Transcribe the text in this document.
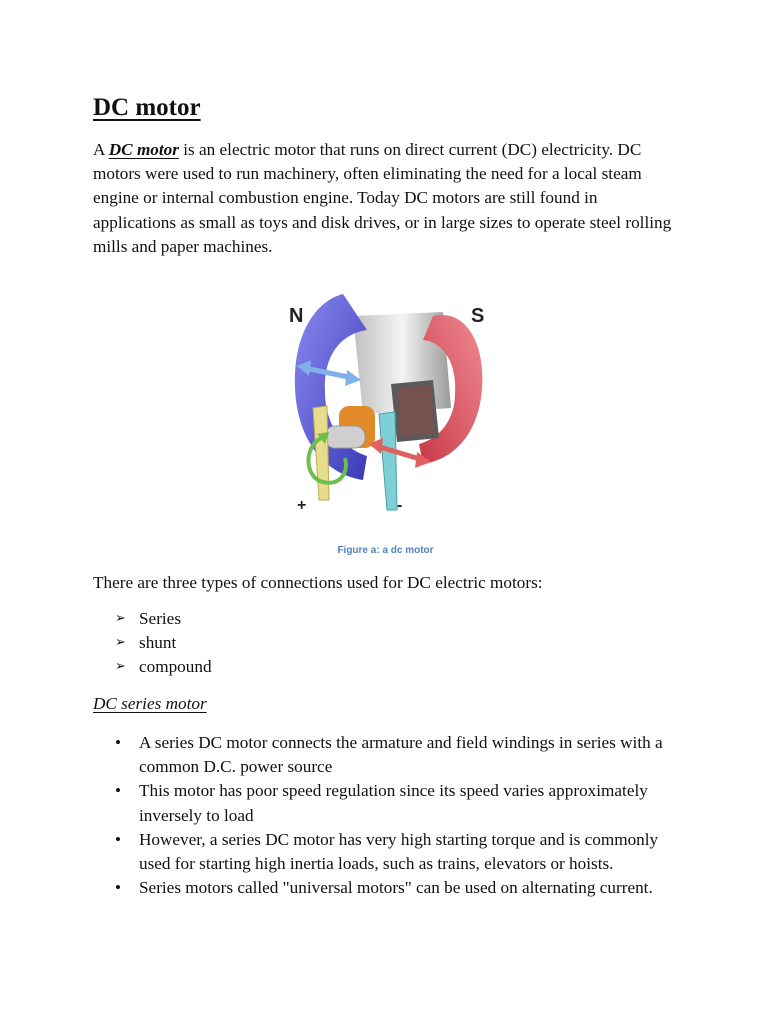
DC motor

A DC motor is an electric motor that runs on direct current (DC) electricity. DC motors were used to run machinery, often eliminating the need for a local steam engine or internal combustion engine. Today DC motors are still found in applications as small as toys and disk drives, or in large sizes to operate steel rolling mills and paper machines.

N	S
+	-
Figure a: a dc motor

There are three types of connections used for DC electric motors:

➢ Series
➢ shunt
➢ compound

DC series motor

• A series DC motor connects the armature and field windings in series with a common D.C. power source
• This motor has poor speed regulation since its speed varies approximately inversely to load
• However, a series DC motor has very high starting torque and is commonly used for starting high inertia loads, such as trains, elevators or hoists.
• Series motors called "universal motors" can be used on alternating current.
